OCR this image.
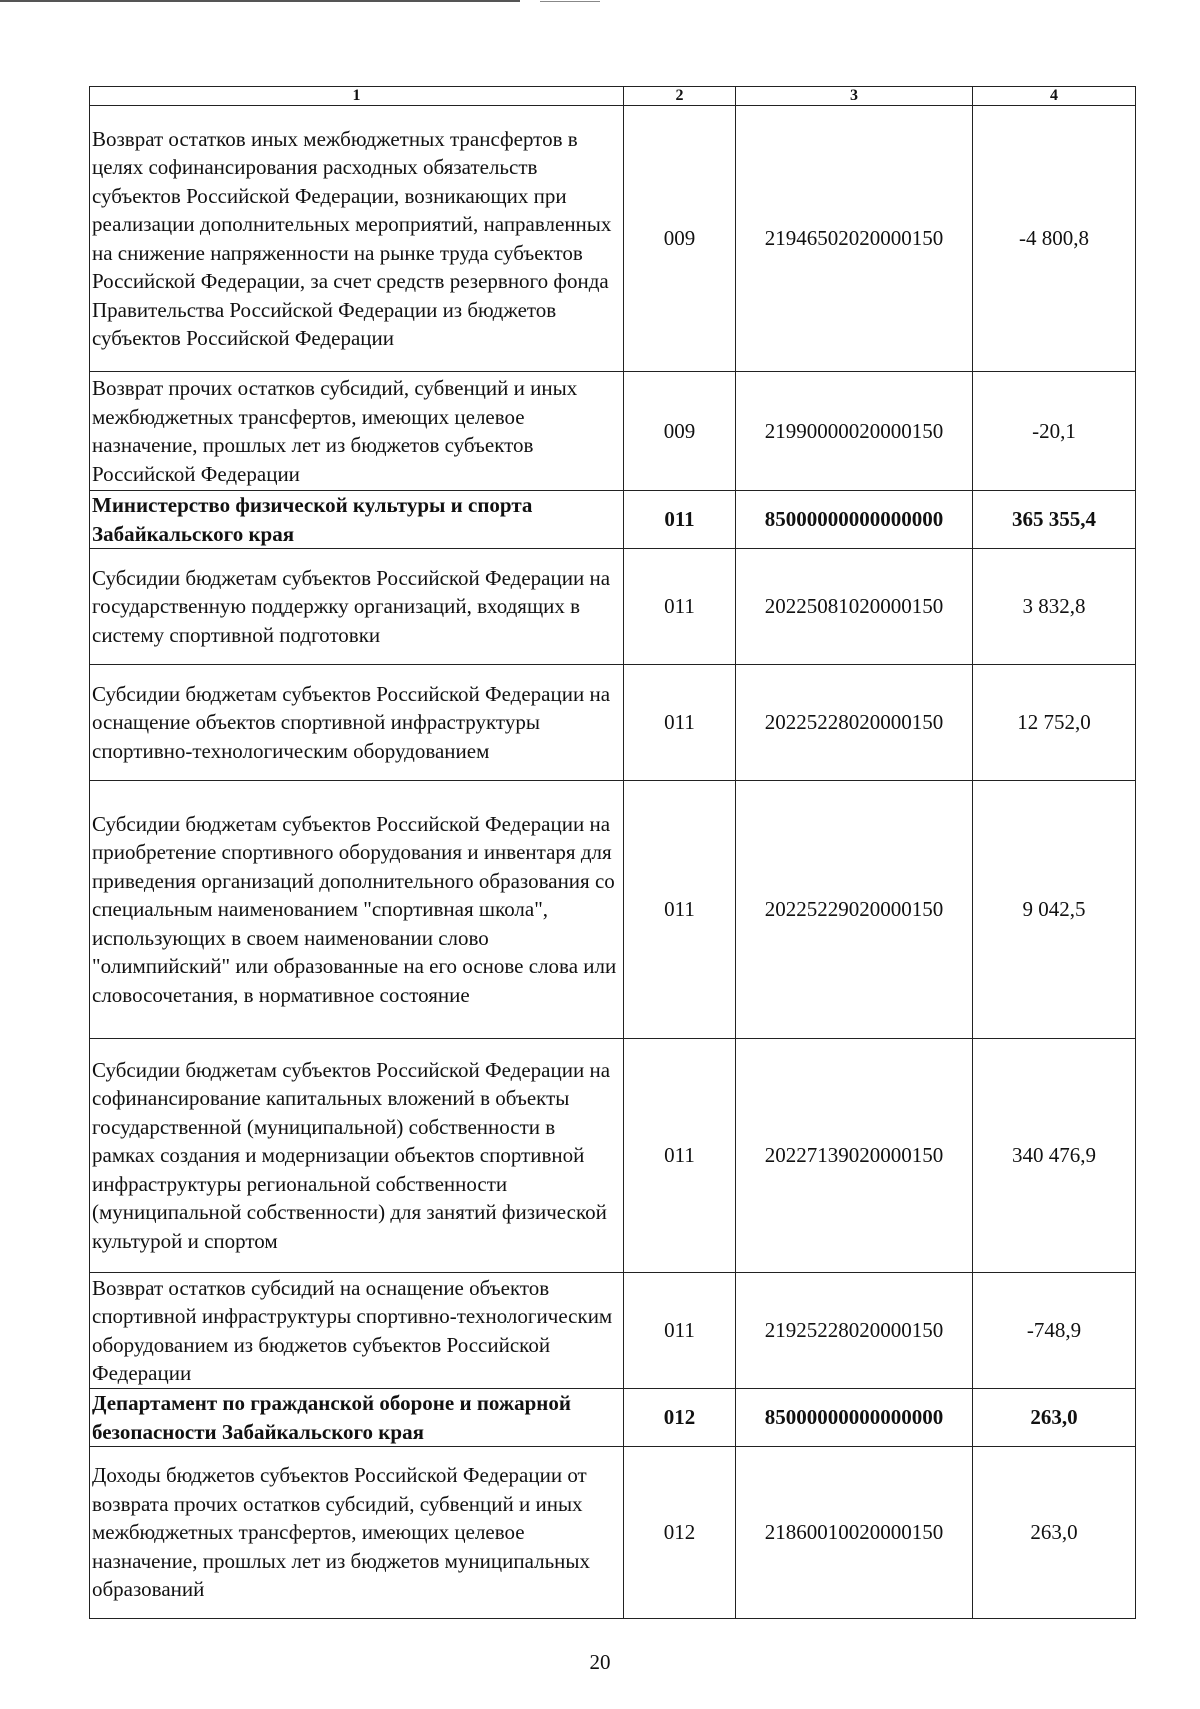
1	2	3	4
Возврат остатков иных межбюджетных трансфертов в целях софинансирования расходных обязательств субъектов Российской Федерации, возникающих при реализации дополнительных мероприятий, направленных на снижение напряженности на рынке труда субъектов Российской Федерации, за счет средств резервного фонда Правительства Российской Федерации из бюджетов субъектов Российской Федерации	009	21946502020000150	-4 800,8
Возврат прочих остатков субсидий, субвенций и иных межбюджетных трансфертов, имеющих целевое назначение, прошлых лет из бюджетов субъектов Российской Федерации	009	21990000020000150	-20,1
Министерство физической культуры и спорта Забайкальского края	011	85000000000000000	365 355,4
Субсидии бюджетам субъектов Российской Федерации на государственную поддержку организаций, входящих в систему спортивной подготовки	011	20225081020000150	3 832,8
Субсидии бюджетам субъектов Российской Федерации на оснащение объектов спортивной инфраструктуры спортивно-технологическим оборудованием	011	20225228020000150	12 752,0
Субсидии бюджетам субъектов Российской Федерации на приобретение спортивного оборудования и инвентаря для приведения организаций дополнительного образования со специальным наименованием "спортивная школа", использующих в своем наименовании слово "олимпийский" или образованные на его основе слова или словосочетания, в нормативное состояние	011	20225229020000150	9 042,5
Субсидии бюджетам субъектов Российской Федерации на софинансирование капитальных вложений в объекты государственной (муниципальной) собственности в рамках создания и модернизации объектов спортивной инфраструктуры региональной собственности (муниципальной собственности) для занятий физической культурой и спортом	011	20227139020000150	340 476,9
Возврат остатков субсидий на оснащение объектов спортивной инфраструктуры спортивно-технологическим оборудованием из бюджетов субъектов Российской Федерации	011	21925228020000150	-748,9
Департамент по гражданской обороне и пожарной безопасности Забайкальского края	012	85000000000000000	263,0
Доходы бюджетов субъектов Российской Федерации от возврата прочих остатков субсидий, субвенций и иных межбюджетных трансфертов, имеющих целевое назначение, прошлых лет из бюджетов муниципальных образований	012	21860010020000150	263,0
20
